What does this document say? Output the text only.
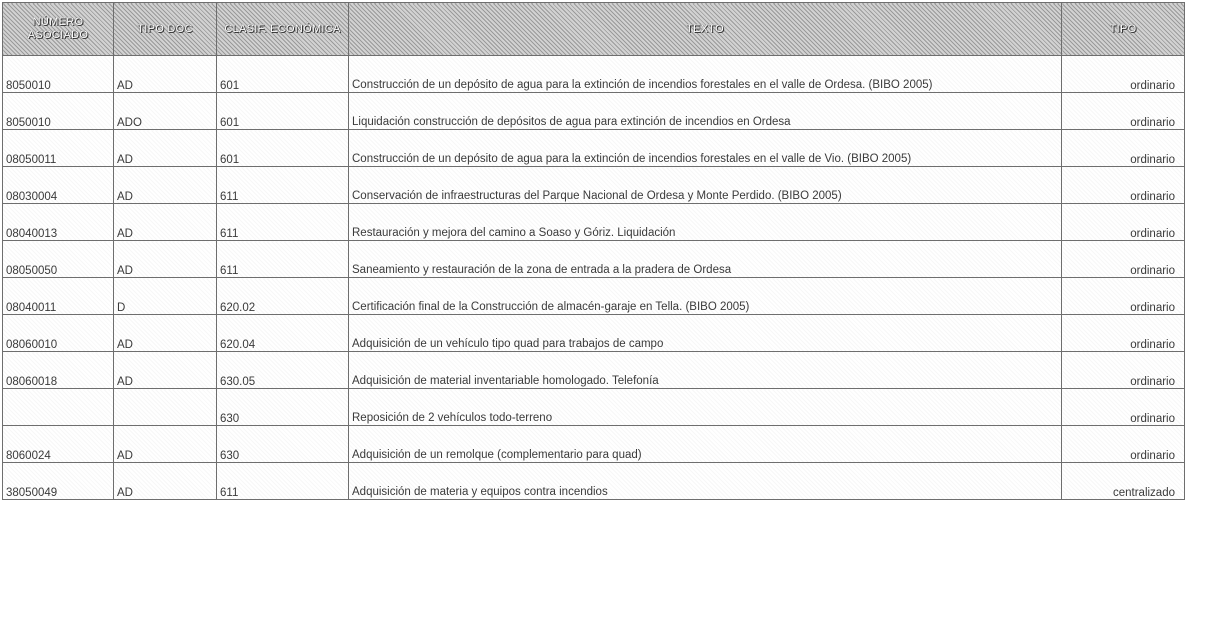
NÚMERO ASOCIADO	TIPO DOC	CLASIF. ECONÓMICA	TEXTO	TIPO
8050010	AD	601	Construcción de un depósito de agua para la extinción de incendios forestales en el valle de Ordesa. (BIBO 2005)	ordinario
8050010	ADO	601	Liquidación construcción de depósitos de agua para extinción de incendios en Ordesa	ordinario
08050011	AD	601	Construcción de un depósito de agua para la extinción de incendios forestales en el valle de Vio. (BIBO 2005)	ordinario
08030004	AD	611	Conservación de infraestructuras del Parque Nacional de Ordesa y Monte Perdido. (BIBO 2005)	ordinario
08040013	AD	611	Restauración y mejora del camino a Soaso y Góriz. Liquidación	ordinario
08050050	AD	611	Saneamiento y restauración de la zona de entrada a la pradera de Ordesa	ordinario
08040011	D	620.02	Certificación final de la Construcción de almacén-garaje en Tella. (BIBO 2005)	ordinario
08060010	AD	620.04	Adquisición de un vehículo tipo quad para trabajos de campo	ordinario
08060018	AD	630.05	Adquisición de material inventariable homologado. Telefonía	ordinario
		630	Reposición de 2 vehículos todo-terreno	ordinario
8060024	AD	630	Adquisición de un remolque (complementario para quad)	ordinario
38050049	AD	611	Adquisición de materia y equipos contra incendios	centralizado
